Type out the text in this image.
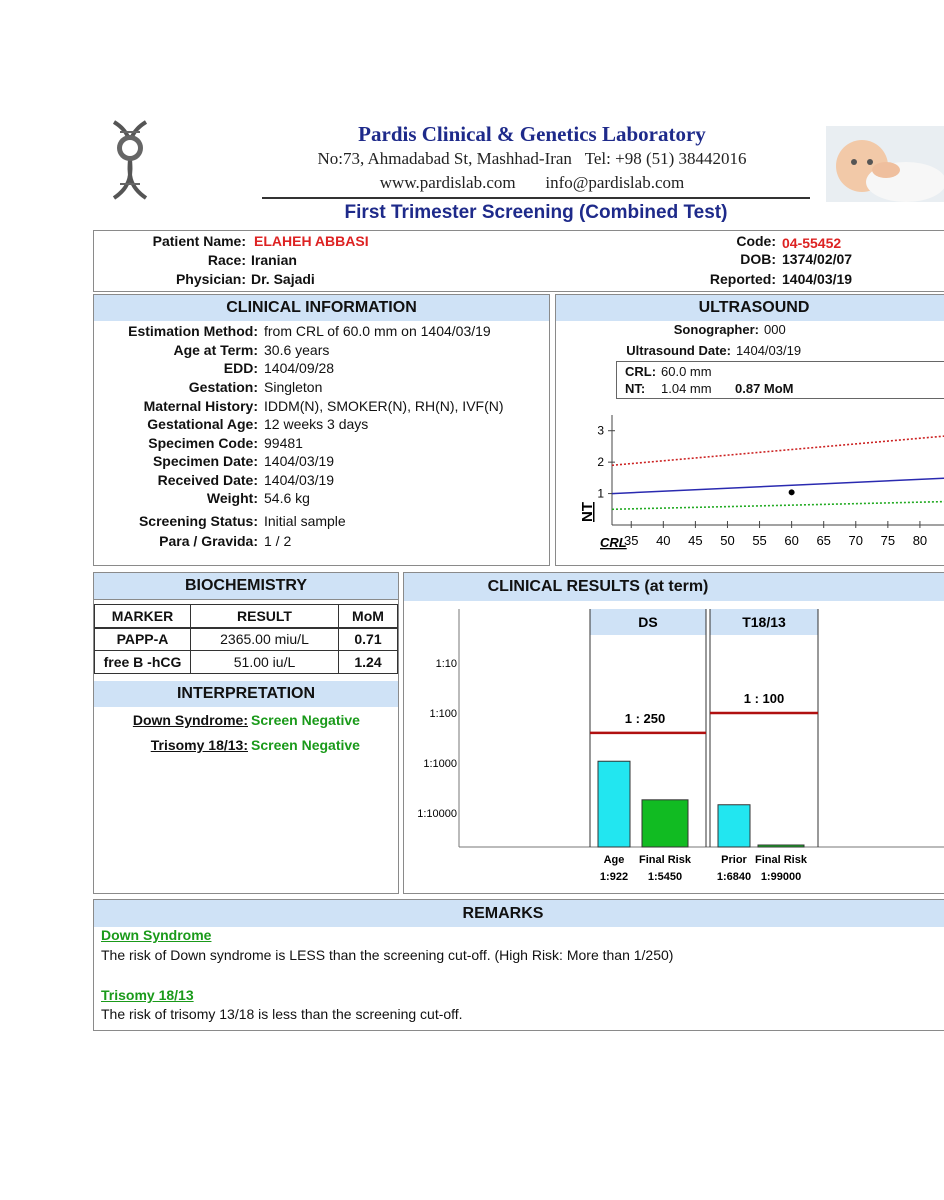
Pardis Clinical & Genetics Laboratory
No:73, Ahmadabad St, Mashhad-Iran Tel: +98 (51) 38442016
www.pardislab.com info@pardislab.com
First Trimester Screening (Combined Test)
Patient Name: ELAHEH ABBASI
Race: Iranian
Physician: Dr. Sajadi
Code: 04-55452
DOB: 1374/02/07
Reported: 1404/03/19
CLINICAL INFORMATION
Estimation Method: from CRL of 60.0 mm on 1404/03/19
Age at Term: 30.6 years
EDD: 1404/09/28
Gestation: Singleton
Maternal History: IDDM(N), SMOKER(N), RH(N), IVF(N)
Gestational Age: 12 weeks 3 days
Specimen Code: 99481
Specimen Date: 1404/03/19
Received Date: 1404/03/19
Weight: 54.6 kg
Screening Status: Initial sample
Para / Gravida: 1 / 2
ULTRASOUND
Sonographer: 000
Ultrasound Date: 1404/03/19
CRL: 60.0 mm
NT: 1.04 mm 0.87 MoM
1
2
3
35 40 45 50 55 60 65 70 75 80
NT
CRL
BIOCHEMISTRY
MARKER	RESULT	MoM
PAPP-A	2365.00 miu/L	0.71
free B -hCG	51.00 iu/L	1.24
INTERPRETATION
Down Syndrome: Screen Negative
Trisomy 18/13: Screen Negative
CLINICAL RESULTS (at term)
1:10
1:100
1:1000
1:10000
DS
1 : 250
Age
1:922
Final Risk
1:5450
T18/13
1 : 100
Prior
1:6840
Final Risk
1:99000
REMARKS
Down Syndrome
The risk of Down syndrome is LESS than the screening cut-off. (High Risk: More than 1/250)
Trisomy 18/13
The risk of trisomy 13/18 is less than the screening cut-off.
